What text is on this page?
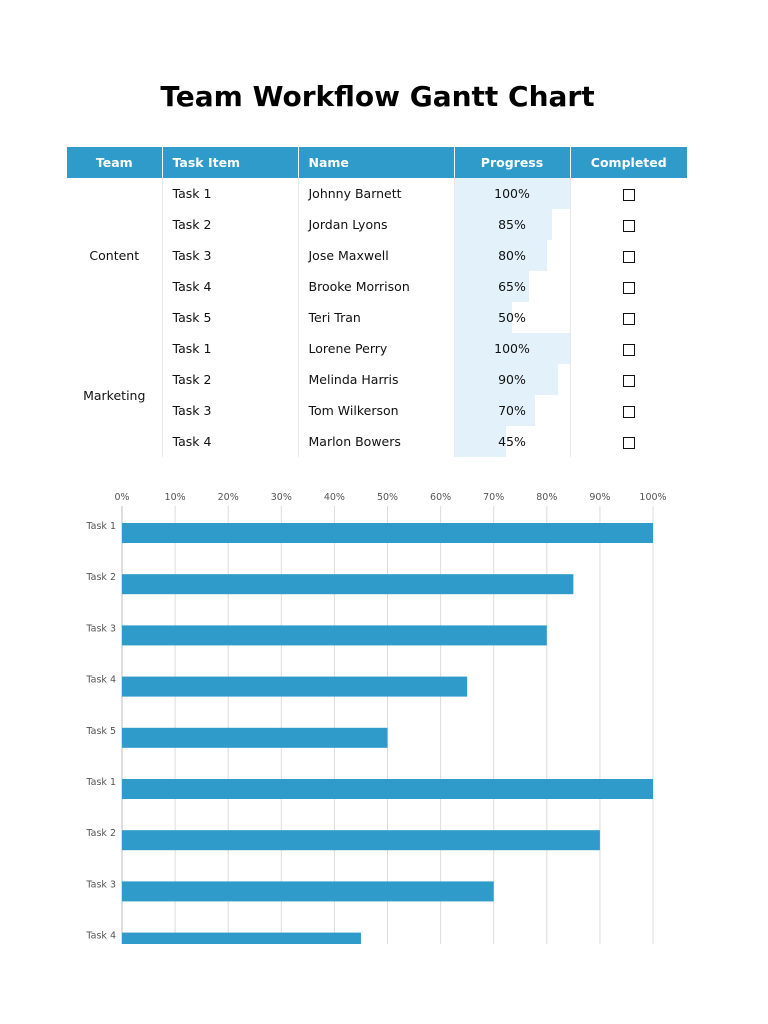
Team Workflow Gantt Chart
Team	Task Item	Name	Progress	Completed
Content	Task 1	Johnny Barnett	100%	
	Task 2	Jordan Lyons	85%	
	Task 3	Jose Maxwell	80%	
	Task 4	Brooke Morrison	65%	
	Task 5	Teri Tran	50%	
Marketing	Task 1	Lorene Perry	100%	
	Task 2	Melinda Harris	90%	
	Task 3	Tom Wilkerson	70%	
	Task 4	Marlon Bowers	45%	
0%	10%	20%	30%	40%	50%	60%	70%	80%	90%	100%
Task 1
Task 2
Task 3
Task 4
Task 5
Task 1
Task 2
Task 3
Task 4
